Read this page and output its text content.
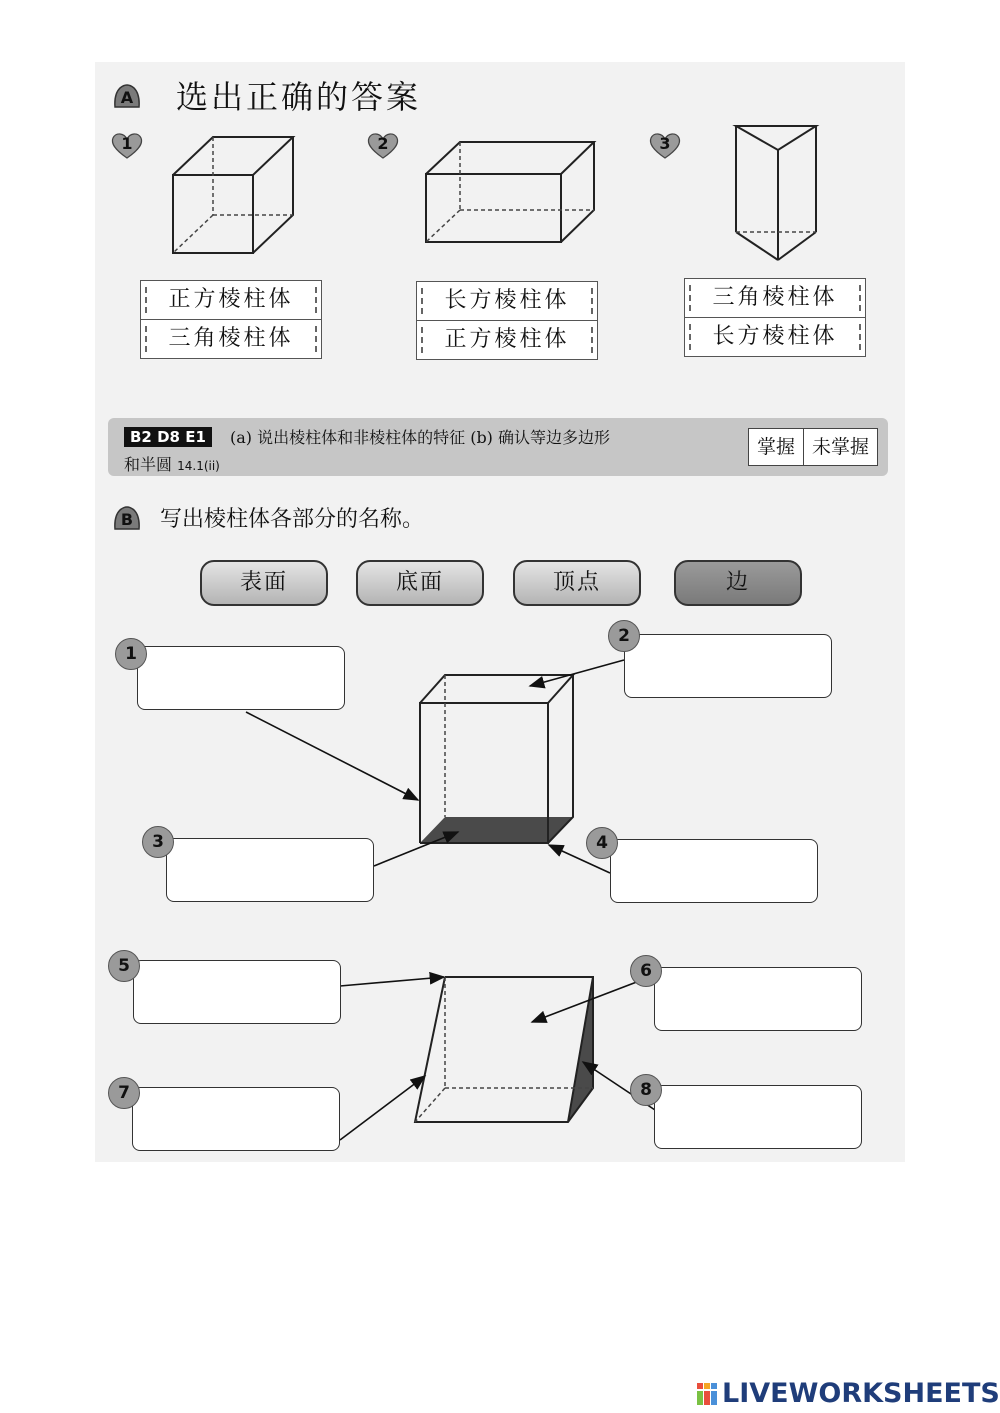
A 选出正确的答案
1	2	3
正方棱柱体
三角棱柱体
长方棱柱体
正方棱柱体
三角棱柱体
长方棱柱体
B2 D8 E1	(a) 说出棱柱体和非棱柱体的特征 (b) 确认等边多边形
和半圆 14.1(ii)
掌握 未掌握
B 写出棱柱体各部分的名称。
表面	底面	顶点	边
1
2
3	4
5	6
7	8
LIVEWORKSHEETS
